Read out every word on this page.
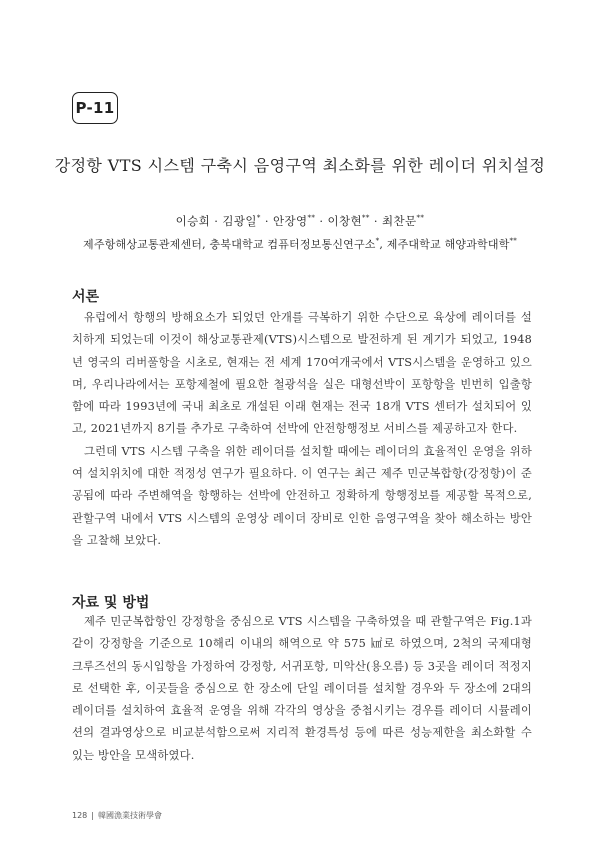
P-11
강정항 VTS 시스템 구축시 음영구역 최소화를 위한 레이더 위치설정
이승희 · 김광일* · 안장영** · 이창현** · 최찬문**
제주항해상교통관제센터, 충북대학교 컴퓨터정보통신연구소*, 제주대학교 해양과학대학**
서론

유럽에서 항행의 방해요소가 되었던 안개를 극복하기 위한 수단으로 육상에 레이더를 설치하게 되었는데 이것이 해상교통관제(VTS)시스템으로 발전하게 된 계기가 되었고, 1948년 영국의 리버풀항을 시초로, 현재는 전 세계 170여개국에서 VTS시스템을 운영하고 있으며, 우리나라에서는 포항제철에 필요한 철광석을 실은 대형선박이 포항항을 빈번히 입출항함에 따라 1993년에 국내 최초로 개설된 이래 현재는 전국 18개 VTS 센터가 설치되어 있고, 2021년까지 8기를 추가로 구축하여 선박에 안전항행정보 서비스를 제공하고자 한다.

그런데 VTS 시스템 구축을 위한 레이더를 설치할 때에는 레이더의 효율적인 운영을 위하여 설치위치에 대한 적정성 연구가 필요하다. 이 연구는 최근 제주 민군복합항(강정항)이 준공됨에 따라 주변해역을 항행하는 선박에 안전하고 정확하게 항행정보를 제공할 목적으로, 관할구역 내에서 VTS 시스템의 운영상 레이더 장비로 인한 음영구역을 찾아 해소하는 방안을 고찰해 보았다.

자료 및 방법

제주 민군복합항인 강정항을 중심으로 VTS 시스템을 구축하였을 때 관할구역은 Fig.1과 같이 강정항을 기준으로 10해리 이내의 해역으로 약 575 ㎢로 하였으며, 2척의 국제대형 크루즈선의 동시입항을 가정하여 강정항, 서귀포항, 미악산(용오름) 등 3곳을 레이더 적정지로 선택한 후, 이곳들을 중심으로 한 장소에 단일 레이더를 설치할 경우와 두 장소에 2대의 레이더를 설치하여 효율적 운영을 위해 각각의 영상을 중첩시키는 경우를 레이더 시뮬레이션의 결과영상으로 비교분석함으로써 지리적 환경특성 등에 따른 성능제한을 최소화할 수 있는 방안을 모색하였다.

128 | 韓國漁業技術學會
